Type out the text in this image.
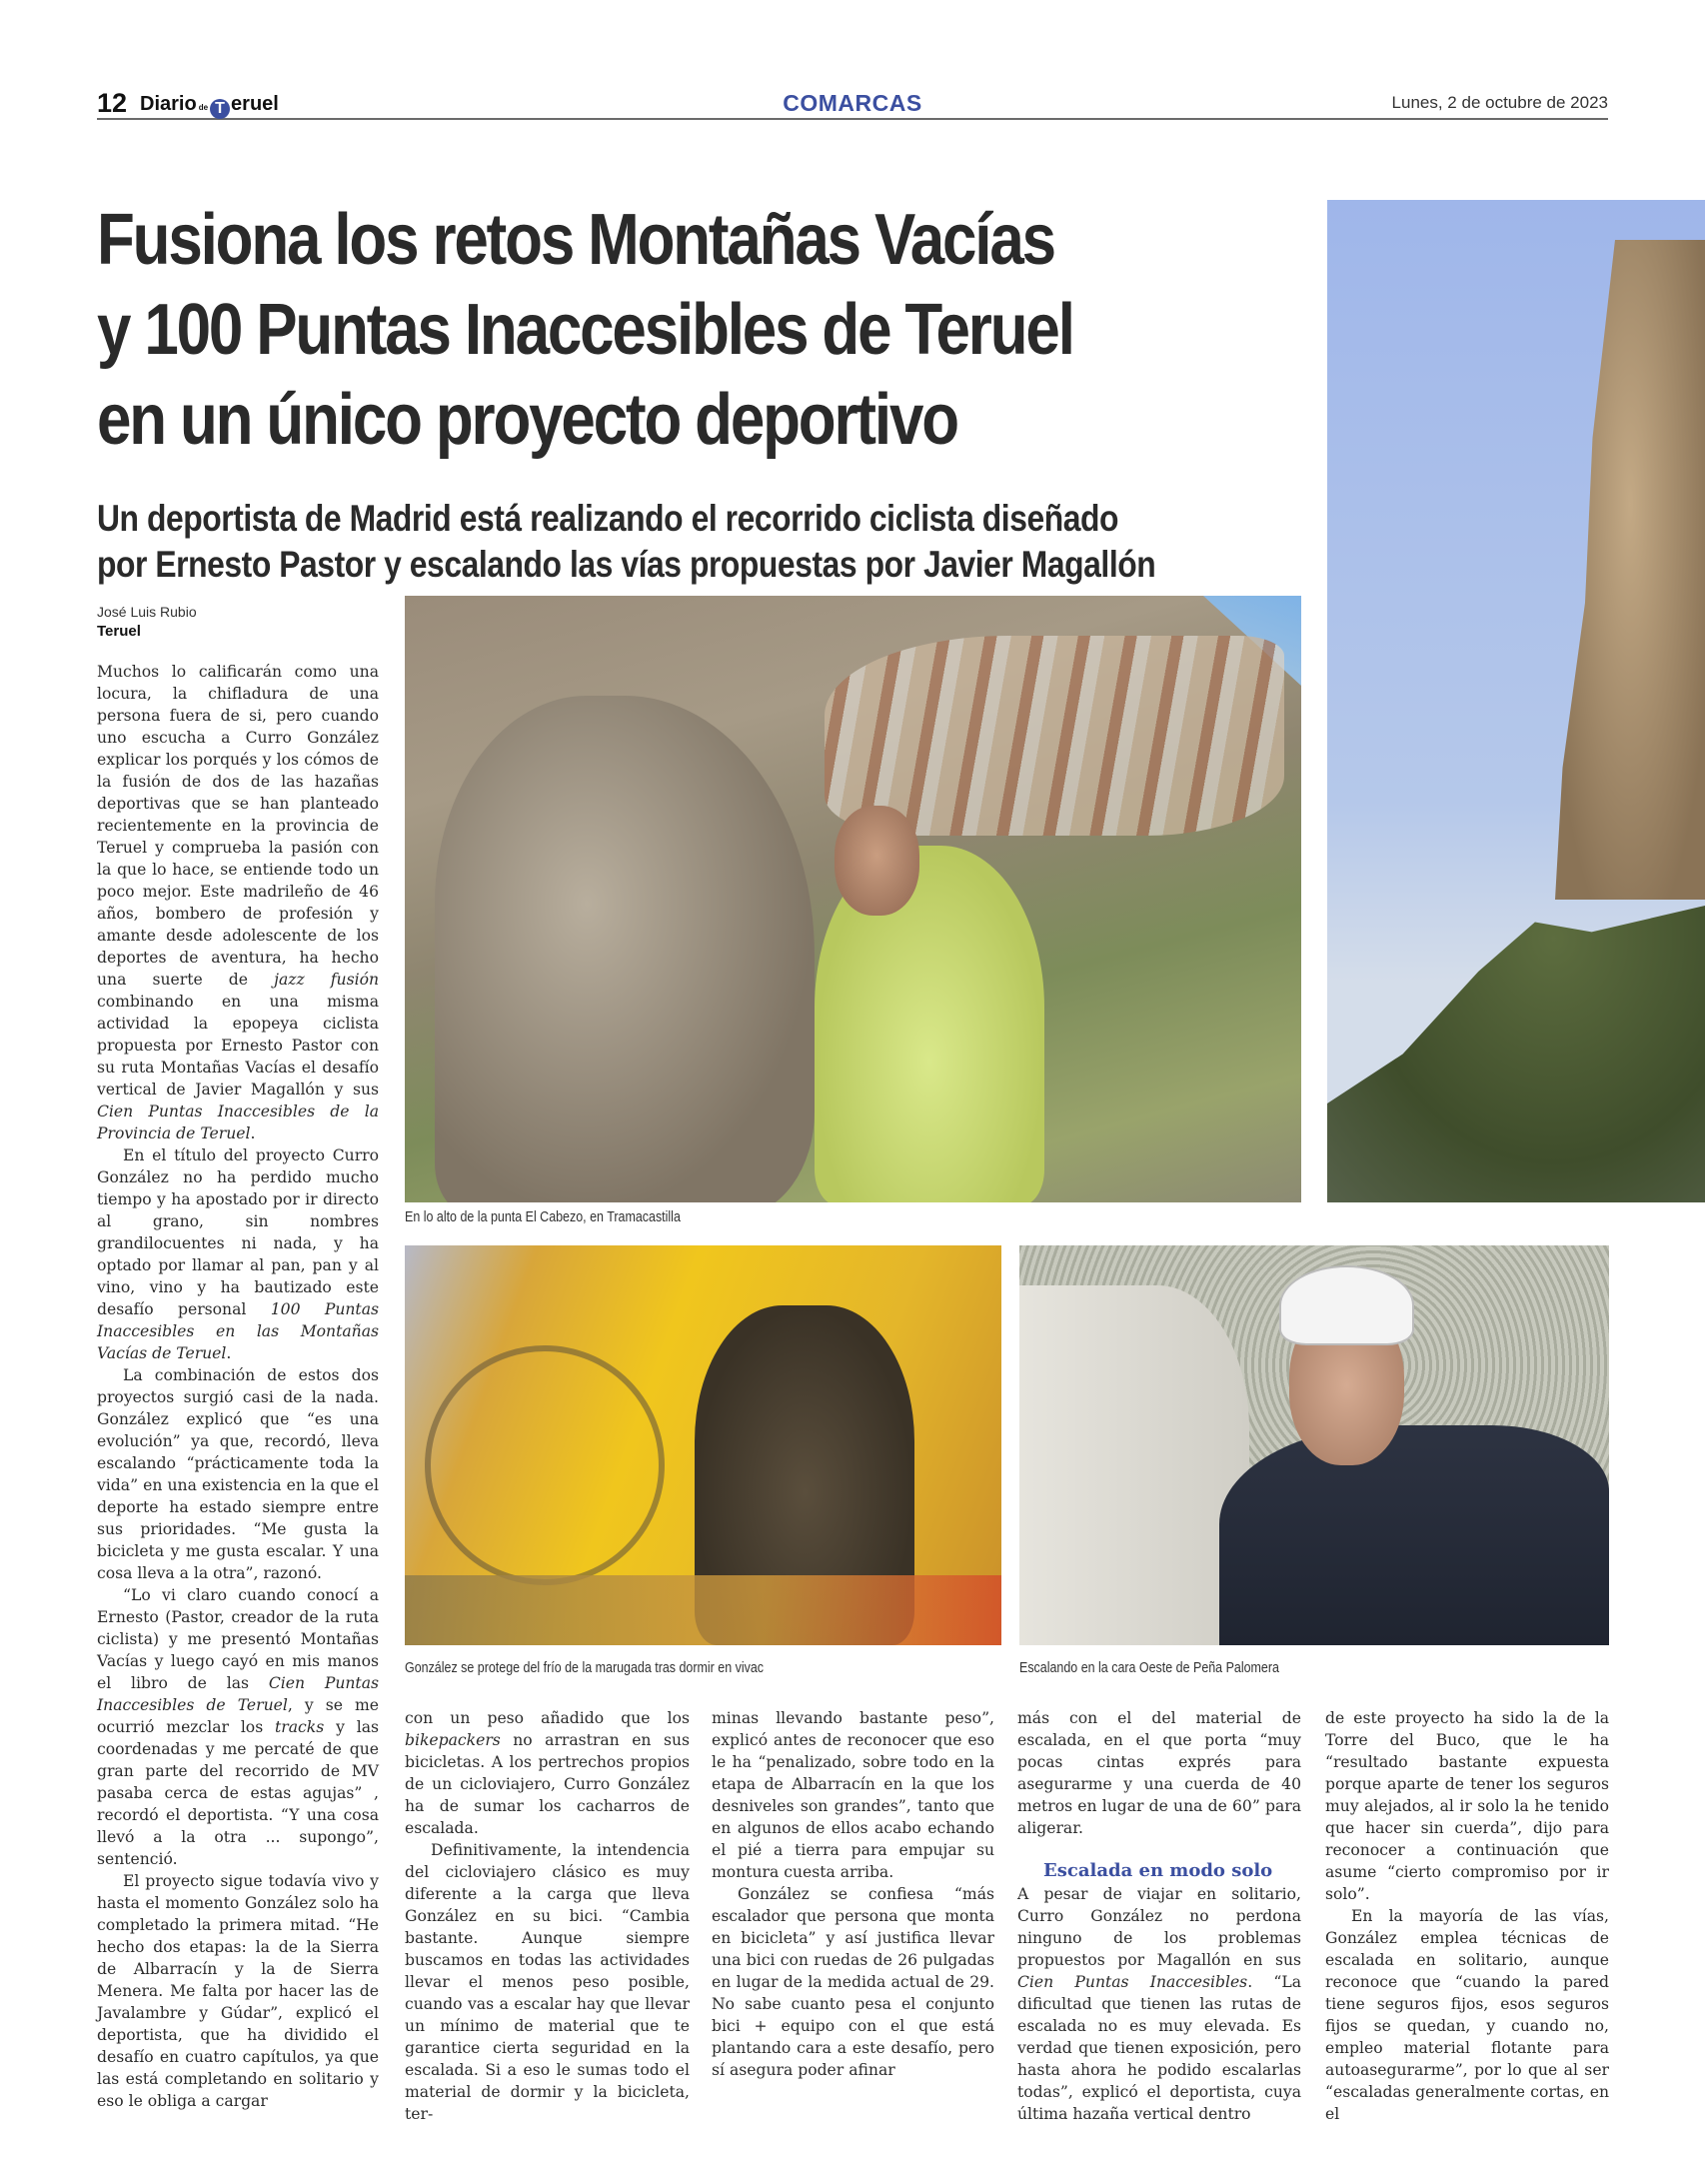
12 Diario de T eruel	COMARCAS	Lunes, 2 de octubre de 2023
Fusiona los retos Montañas Vacías
y 100 Puntas Inaccesibles de Teruel
en un único proyecto deportivo
Un deportista de Madrid está realizando el recorrido ciclista diseñado
por Ernesto Pastor y escalando las vías propuestas por Javier Magallón
José Luis Rubio
Teruel

Muchos lo calificarán como una locura, la chifladura de una persona fuera de si, pero cuando uno escucha a Curro González explicar los porqués y los cómos de la fusión de dos de las hazañas deportivas que se han planteado recientemente en la provincia de Teruel y comprueba la pasión con la que lo hace, se entiende todo un poco mejor. Este madrileño de 46 años, bombero de profesión y amante desde adolescente de los deportes de aventura, ha hecho una suerte de jazz fusión combinando en una misma actividad la epopeya ciclista propuesta por Ernesto Pastor con su ruta Montañas Vacías el desafío vertical de Javier Magallón y sus Cien Puntas Inaccesibles de la Provincia de Teruel.

En el título del proyecto Curro González no ha perdido mucho tiempo y ha apostado por ir directo al grano, sin nombres grandilocuentes ni nada, y ha optado por llamar al pan, pan y al vino, vino y ha bautizado este desafío personal 100 Puntas Inaccesibles en las Montañas Vacías de Teruel.

La combinación de estos dos proyectos surgió casi de la nada. González explicó que “es una evolución” ya que, recordó, lleva escalando “prácticamente toda la vida” en una existencia en la que el deporte ha estado siempre entre sus prioridades. “Me gusta la bicicleta y me gusta escalar. Y una cosa lleva a la otra”, razonó.

“Lo vi claro cuando conocí a Ernesto (Pastor, creador de la ruta ciclista) y me presentó Montañas Vacías y luego cayó en mis manos el libro de las Cien Puntas Inaccesibles de Teruel, y se me ocurrió mezclar los tracks y las coordenadas y me percaté de que gran parte del recorrido de MV pasaba cerca de estas agujas” , recordó el deportista. “Y una cosa llevó a la otra ... supongo”, sentenció.

El proyecto sigue todavía vivo y hasta el momento González solo ha completado la primera mitad. “He hecho dos etapas: la de la Sierra de Albarracín y la de Sierra Menera. Me falta por hacer las de Javalambre y Gúdar”, explicó el deportista, que ha dividido el desafío en cuatro capítulos, ya que las está completando en solitario y eso le obliga a cargar

con un peso añadido que los bikepackers no arrastran en sus bicicletas. A los pertrechos propios de un cicloviajero, Curro González ha de sumar los cacharros de escalada.

Definitivamente, la intendencia del cicloviajero clásico es muy diferente a la carga que lleva González en su bici. “Cambia bastante. Aunque siempre buscamos en todas las actividades llevar el menos peso posible, cuando vas a escalar hay que llevar un mínimo de material que te garantice cierta seguridad en la escalada. Si a eso le sumas todo el material de dormir y la bicicleta, ter-

minas llevando bastante peso”, explicó antes de reconocer que eso le ha “penalizado, sobre todo en la etapa de Albarracín en la que los desniveles son grandes”, tanto que en algunos de ellos acabo echando el pié a tierra para empujar su montura cuesta arriba.

González se confiesa “más escalador que persona que monta en bicicleta” y así justifica llevar una bici con ruedas de 26 pulgadas en lugar de la medida actual de 29. No sabe cuanto pesa el conjunto bici + equipo con el que está plantando cara a este desafío, pero sí asegura poder afinar

más con el del material de escalada, en el que porta “muy pocas cintas exprés para asegurarme y una cuerda de 40 metros en lugar de una de 60” para aligerar.

Escalada en modo solo

A pesar de viajar en solitario, Curro González no perdona ninguno de los problemas propuestos por Magallón en sus Cien Puntas Inaccesibles. “La dificultad que tienen las rutas de escalada no es muy elevada. Es verdad que tienen exposición, pero hasta ahora he podido escalarlas todas”, explicó el deportista, cuya última hazaña vertical dentro

de este proyecto ha sido la de la Torre del Buco, que le ha “resultado bastante expuesta porque aparte de tener los seguros muy alejados, al ir solo la he tenido que hacer sin cuerda”, dijo para reconocer a continuación que asume “cierto compromiso por ir solo”.

En la mayoría de las vías, González emplea técnicas de escalada en solitario, aunque reconoce que “cuando la pared tiene seguros fijos, esos seguros fijos se quedan, y cuando no, empleo material flotante para autoasegurarme”, por lo que al ser “escaladas generalmente cortas, en el

En lo alto de la punta El Cabezo, en Tramacastilla
González se protege del frío de la marugada tras dormir en vivac	Escalando en la cara Oeste de Peña Palomera
